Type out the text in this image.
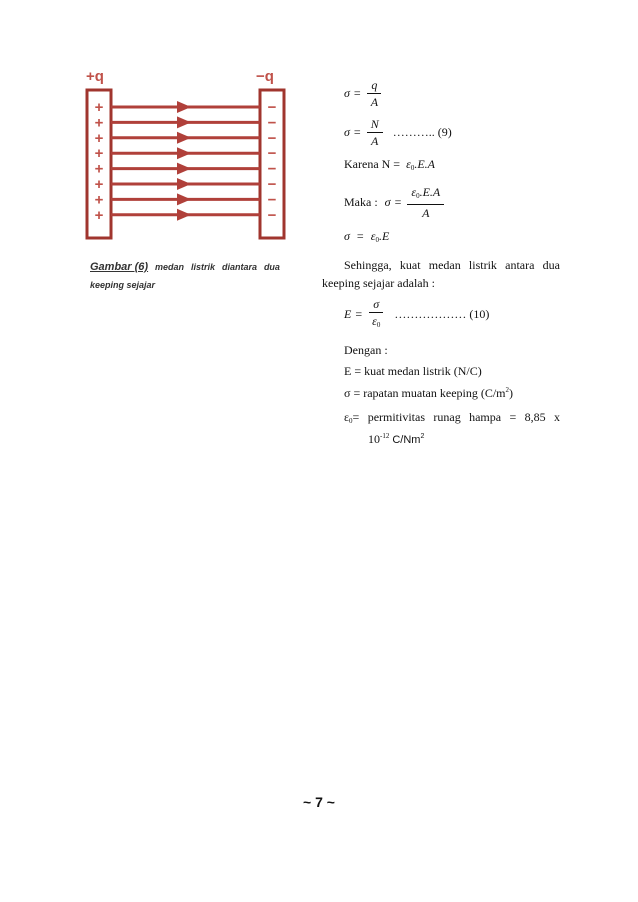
+q	−q
+
+
+
+
+
+
+
+
−
−
−
−
−
−
−
−
Gambar (6) medan listrik diantara dua
keeping sejajar
$\sigma = \frac{q}{A}$
$\sigma = \frac{N}{A}$ ……….. (9)
Karena $N = \varepsilon_0.E.A$
Maka : $\sigma = \frac{\varepsilon_0.E.A}{A}$
$\sigma = \varepsilon_0.E$
Sehingga, kuat medan listrik antara dua
keeping sejajar adalah :
$E = \frac{\sigma}{\varepsilon_0}$ ……………… (10)
Dengan :
E = kuat medan listrik (N/C)
σ = rapatan muatan keeping $(C/m^2)$
$\varepsilon_0$ = permitivitas runag hampa = 8,85 x
$10^{-12}$ C/Nm$^2$
~ 7 ~
